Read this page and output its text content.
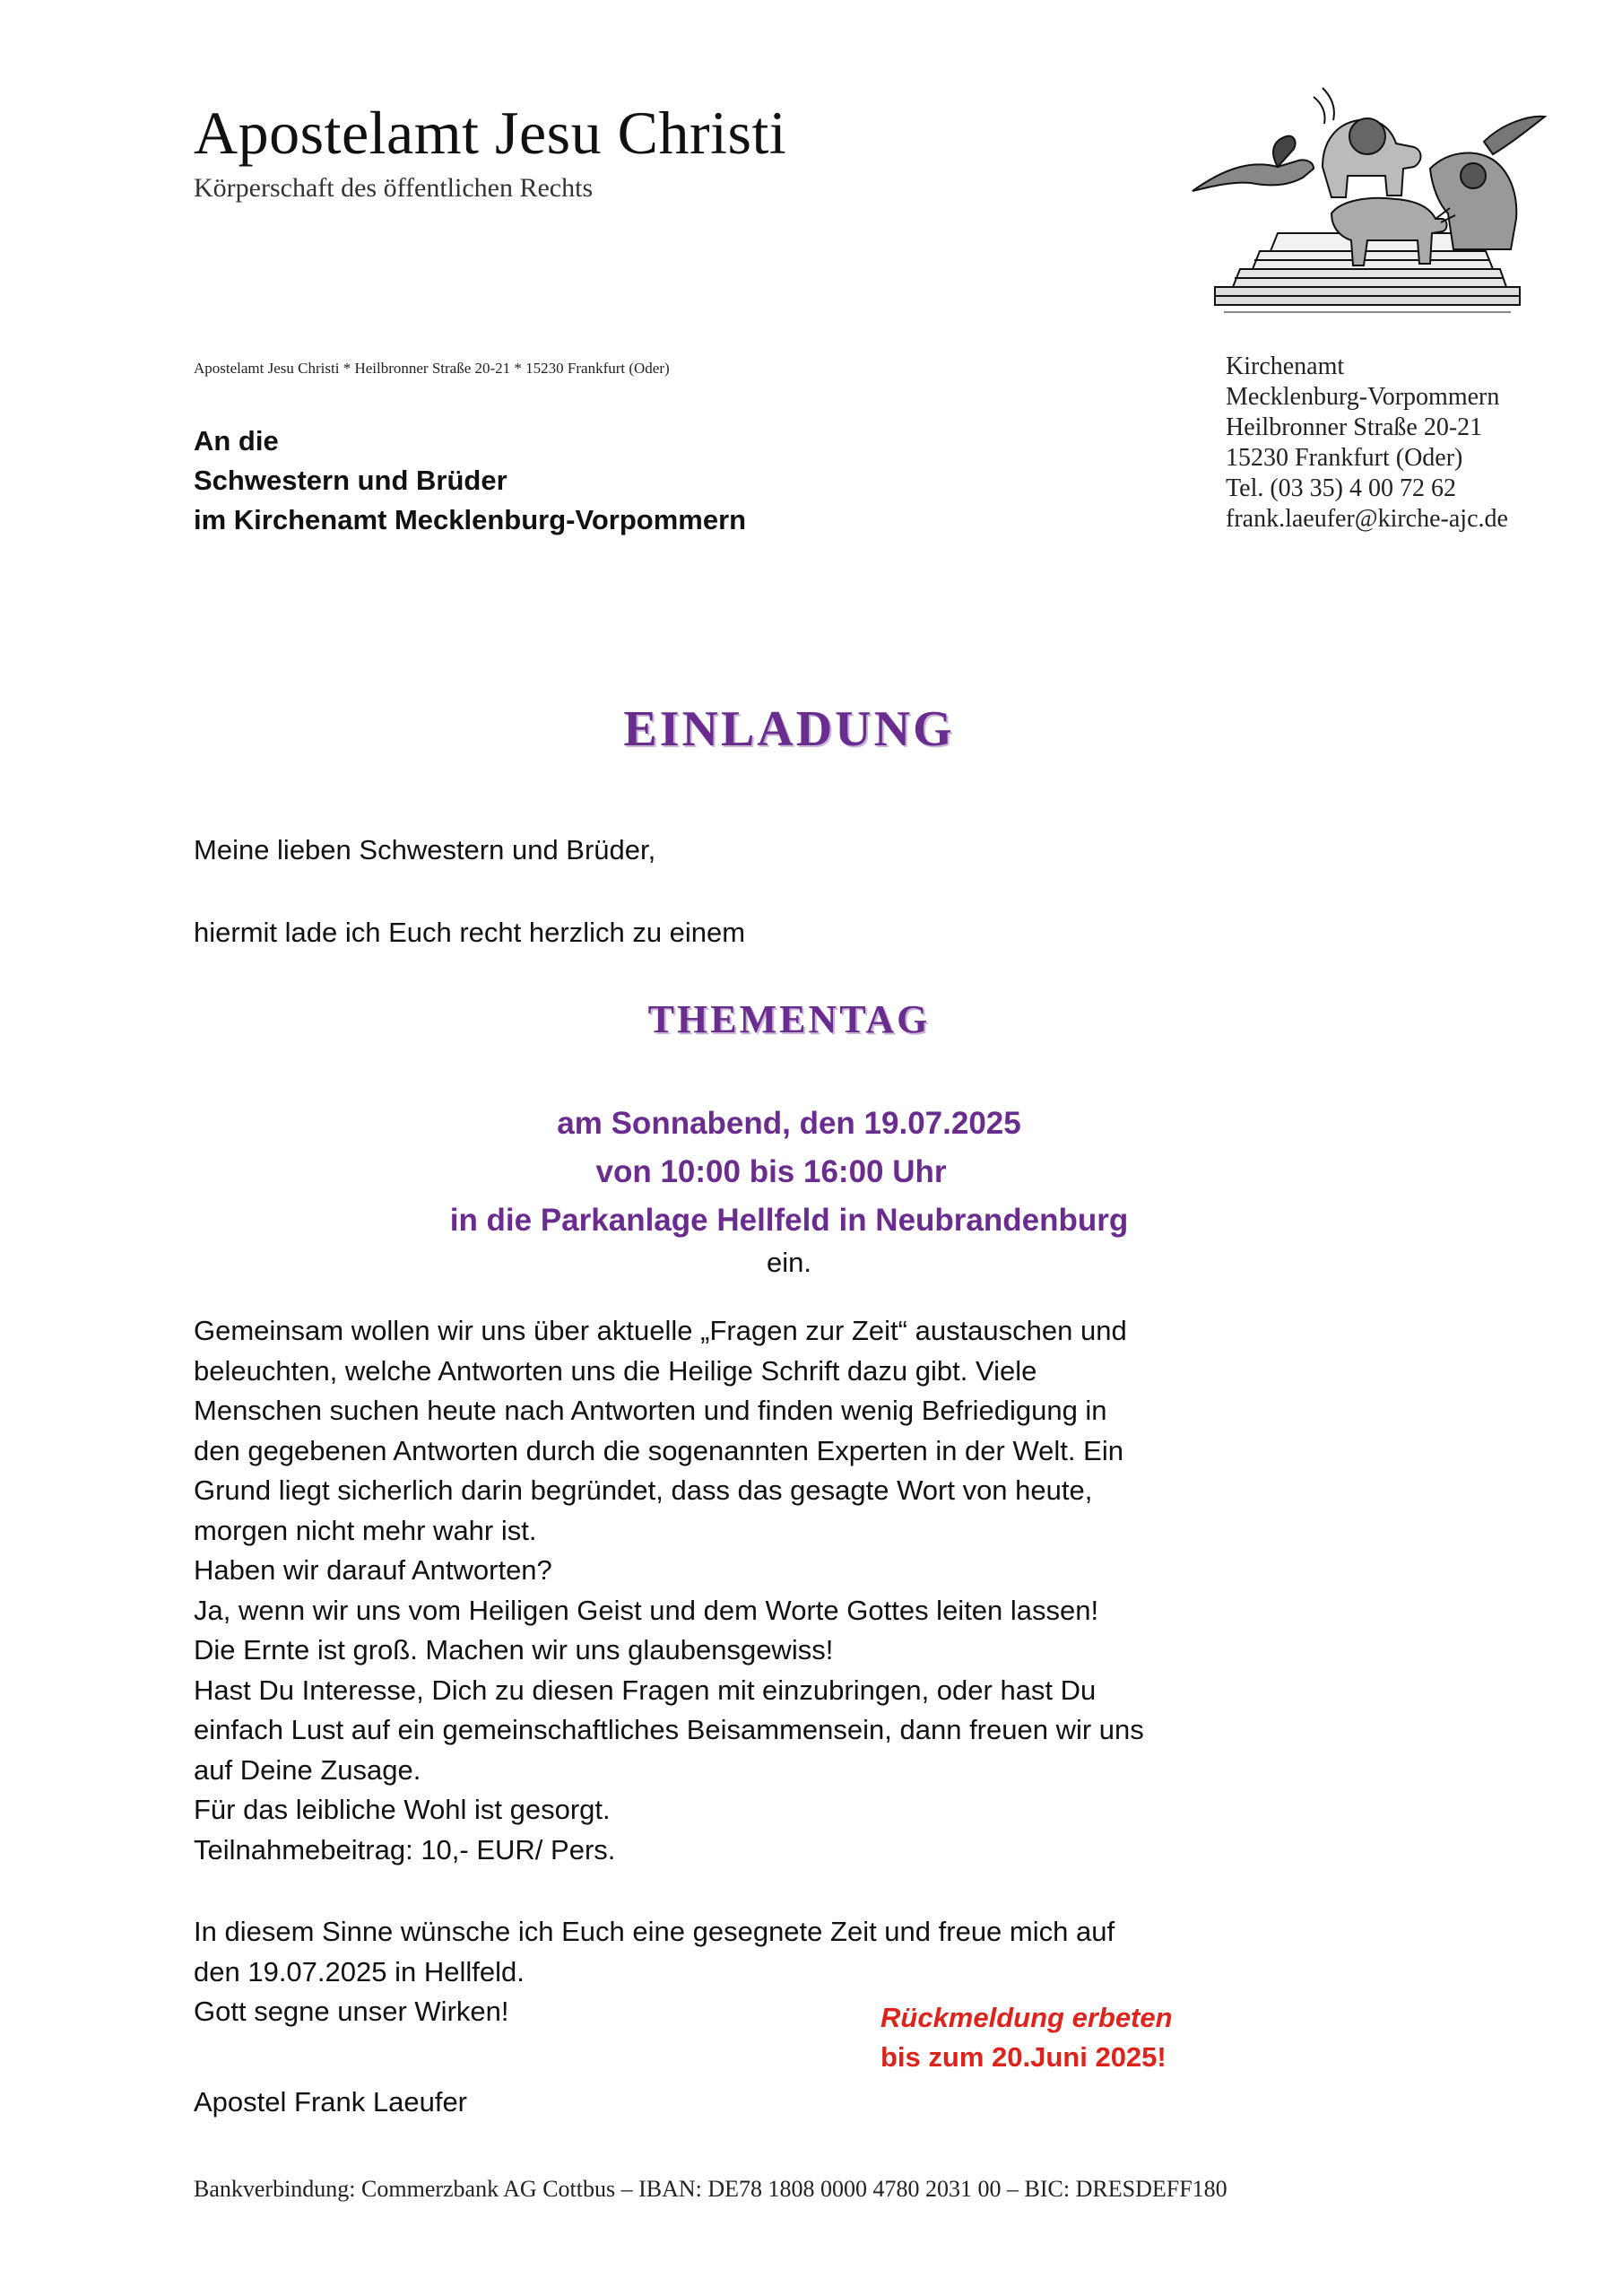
Apostelamt Jesu Christi
Körperschaft des öffentlichen Rechts
Apostelamt Jesu Christi * Heilbronner Straße 20-21 * 15230 Frankfurt (Oder)
An die
Schwestern und Brüder
im Kirchenamt Mecklenburg-Vorpommern
Kirchenamt
Mecklenburg-Vorpommern
Heilbronner Straße 20-21
15230 Frankfurt (Oder)
Tel. (03 35) 4 00 72 62
frank.laeufer@kirche-ajc.de
EINLADUNG
Meine lieben Schwestern und Brüder,
hiermit lade ich Euch recht herzlich zu einem
THEMENTAG
am Sonnabend, den 19.07.2025
von 10:00 bis 16:00 Uhr
in die Parkanlage Hellfeld in Neubrandenburg
ein.
Gemeinsam wollen wir uns über aktuelle „Fragen zur Zeit“ austauschen und
beleuchten, welche Antworten uns die Heilige Schrift dazu gibt. Viele
Menschen suchen heute nach Antworten und finden wenig Befriedigung in
den gegebenen Antworten durch die sogenannten Experten in der Welt. Ein
Grund liegt sicherlich darin begründet, dass das gesagte Wort von heute,
morgen nicht mehr wahr ist.
Haben wir darauf Antworten?
Ja, wenn wir uns vom Heiligen Geist und dem Worte Gottes leiten lassen!
Die Ernte ist groß. Machen wir uns glaubensgewiss!
Hast Du Interesse, Dich zu diesen Fragen mit einzubringen, oder hast Du
einfach Lust auf ein gemeinschaftliches Beisammensein, dann freuen wir uns
auf Deine Zusage.
Für das leibliche Wohl ist gesorgt.
Teilnahmebeitrag: 10,- EUR/ Pers.
In diesem Sinne wünsche ich Euch eine gesegnete Zeit und freue mich auf
den 19.07.2025 in Hellfeld.
Gott segne unser Wirken!	Rückmeldung erbeten
bis zum 20.Juni 2025!
Apostel Frank Laeufer
Bankverbindung: Commerzbank AG Cottbus – IBAN: DE78 1808 0000 4780 2031 00 – BIC: DRESDEFF180
